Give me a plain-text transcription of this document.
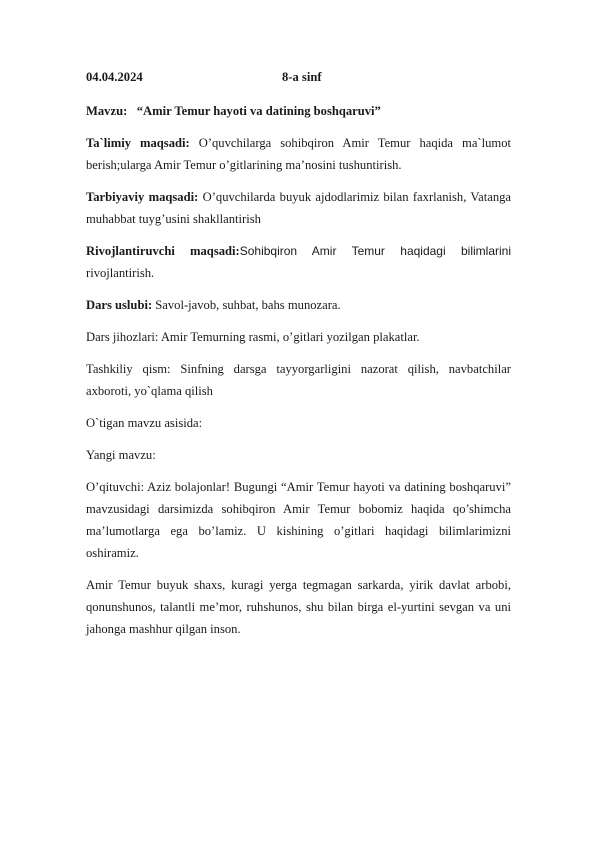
04.04.2024	8-a sinf
Mavzu: “Amir Temur hayoti va datining boshqaruvi”
Ta`limiy maqsadi: O’quvchilarga sohibqiron Amir Temur haqida ma`lumot berish;ularga Amir Temur o’gitlarining ma’nosini tushuntirish.
Tarbiyaviy maqsadi: O’quvchilarda buyuk ajdodlarimiz bilan faxrlanish, Vatanga muhabbat tuyg’usini shakllantirish
Rivojlantiruvchi maqsadi:Sohibqiron Amir Temur haqidagi bilimlarini
rivojlantirish.
Dars uslubi: Savol-javob, suhbat, bahs munozara.
Dars jihozlari: Amir Temurning rasmi, o’gitlari yozilgan plakatlar.
Tashkiliy qism: Sinfning darsga tayyorgarligini nazorat qilish, navbatchilar axboroti, yo`qlama qilish
O`tigan mavzu asisida:
Yangi mavzu:
O’qituvchi: Aziz bolajonlar! Bugungi “Amir Temur hayoti va datining boshqaruvi” mavzusidagi darsimizda sohibqiron Amir Temur bobomiz haqida qo’shimcha ma’lumotlarga ega bo’lamiz. U kishining o’gitlari haqidagi bilimlarimizni oshiramiz.
Amir Temur buyuk shaxs, kuragi yerga tegmagan sarkarda, yirik davlat arbobi, qonunshunos, talantli me’mor, ruhshunos, shu bilan birga el-yurtini sevgan va uni jahonga mashhur qilgan inson.
